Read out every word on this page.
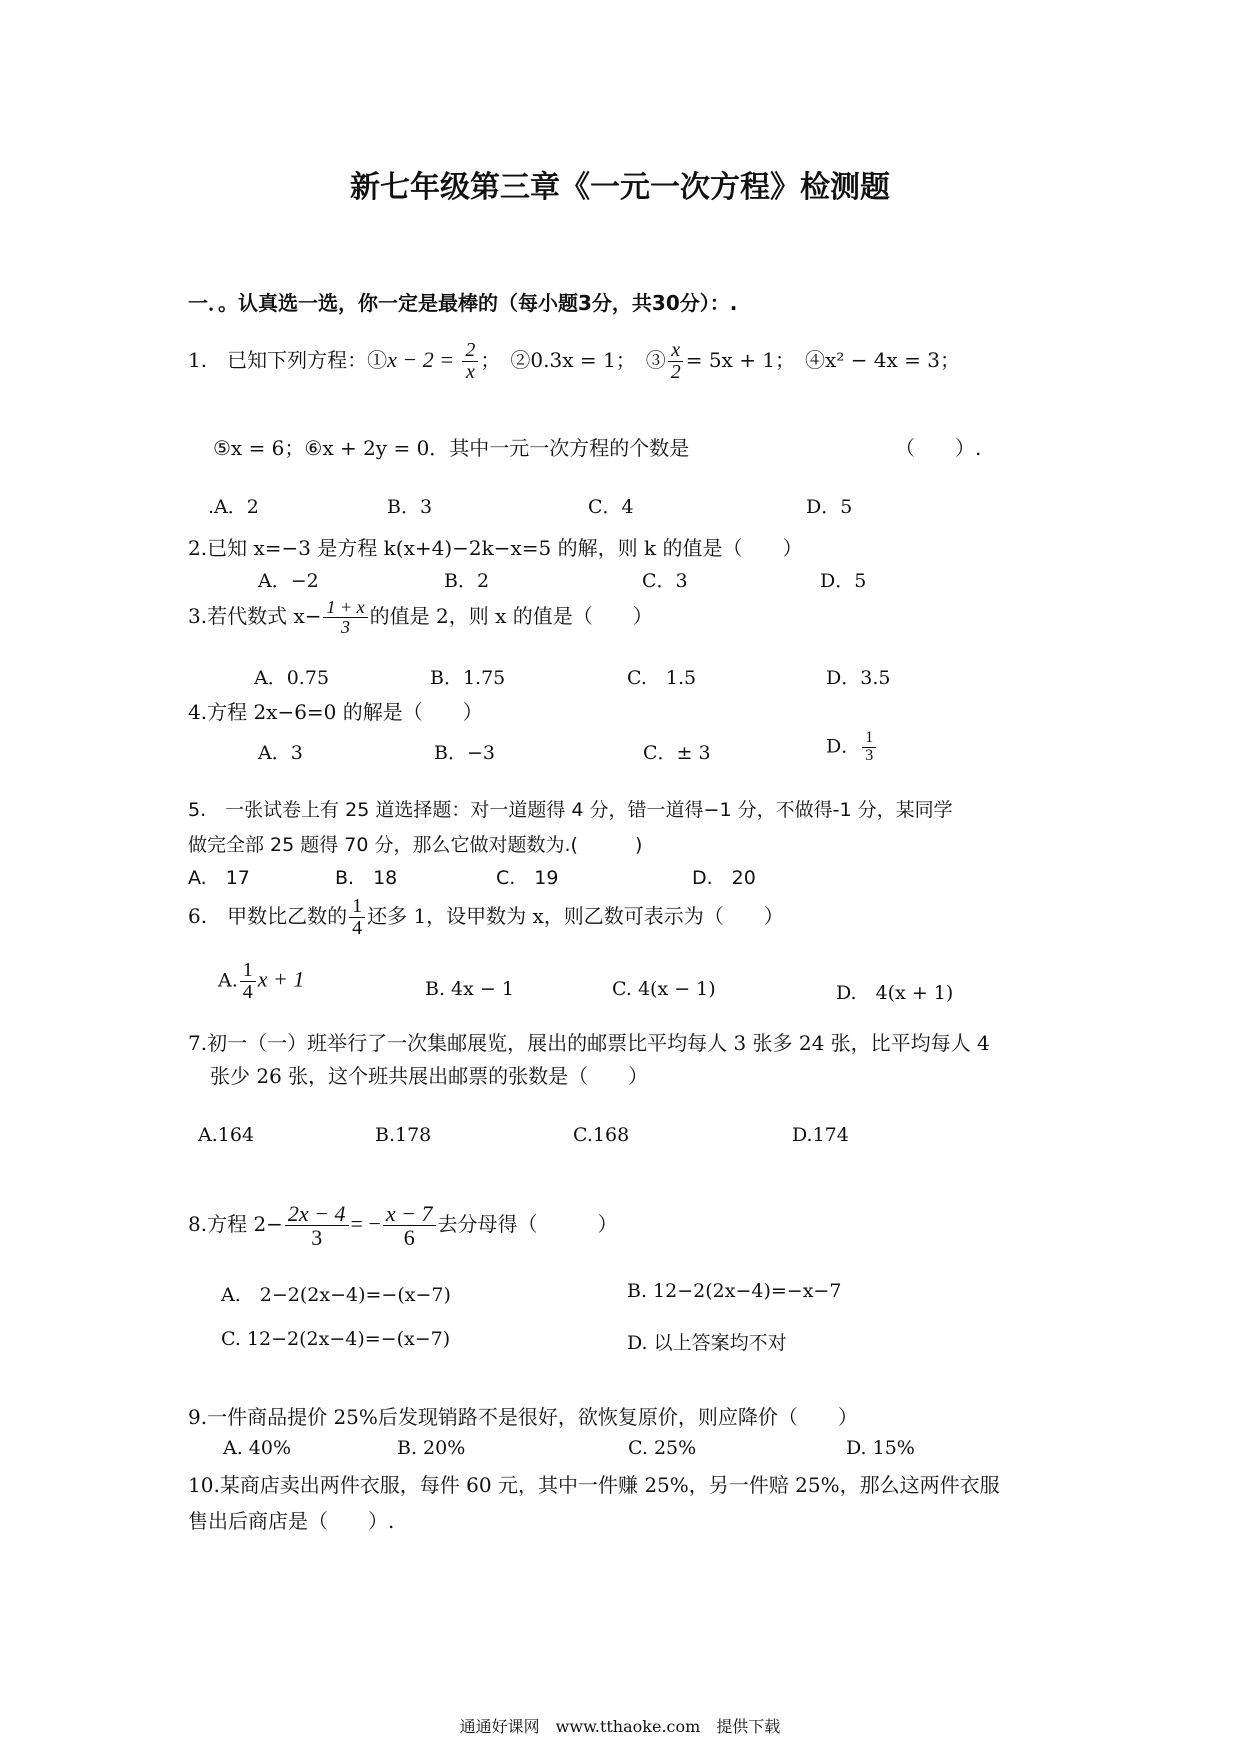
新七年级第三章《一元一次方程》检测题
一．。认真选一选，你一定是最棒的（每小题3分，共30分）：.
1.　已知下列方程：①x − $2 = \frac{2}{x}$ ；　②0.3x = 1；　③ $\frac{x}{2} = 5x + 1$；　④x² − 4x = 3；
⑤x = 6；⑥x + 2y = 0．其中一元一次方程的个数是	（　　）.
.A．2	B．3	C．4	D．5
2.已知 x=−3 是方程 k(x+4)−2k−x=5 的解，则 k 的值是（　　）
A．−2	B．2	C．3	D．5
3.若代数式 $x- \frac{1 + x}{3}$ 的值是 2，则 x 的值是（　　）
A．0.75	B．1.75	C.　1.5	D．3.5
4.方程 2x−6=0 的解是（　　）
A．3	B．−3	C．± 3	D． $\frac{1}{3}$
5.　一张试卷上有 25 道选择题：对一道题得 4 分，错一道得−1 分，不做得-1 分，某同学
做完全部 25 题得 70 分，那么它做对题数为.(　　　)
A.　17	B.　18	C.　19	D.　20
6.　甲数比乙数的 $\frac{1}{4}$ 还多 1，设甲数为 x，则乙数可表示为（　　）
A. $\frac{1}{4}$ x + 1	B. 4x − 1	C. 4(x − 1)	D.　4(x + 1)
7.初一（一）班举行了一次集邮展览，展出的邮票比平均每人 3 张多 24 张，比平均每人 4
张少 26 张，这个班共展出邮票的张数是（　　）
A.164	B.178	C.168	D.174
8.方程 $2- \frac{2x - 4}{3}$ = − $\frac{x - 7}{6}$ 去分母得（　　　）
A.　2−2(2x−4)=−(x−7)	B. 12−2(2x−4)=−x−7
C. 12−2(2x−4)=−(x−7)	D. 以上答案均不对
9.一件商品提价 25%后发现销路不是很好，欲恢复原价，则应降价（　　）
A. 40%	B. 20%	C. 25%	D. 15%
10.某商店卖出两件衣服，每件 60 元，其中一件赚 25%，另一件赔 25%，那么这两件衣服
售出后商店是（　　）.
通通好课网　www.tthaoke.com　提供下载
